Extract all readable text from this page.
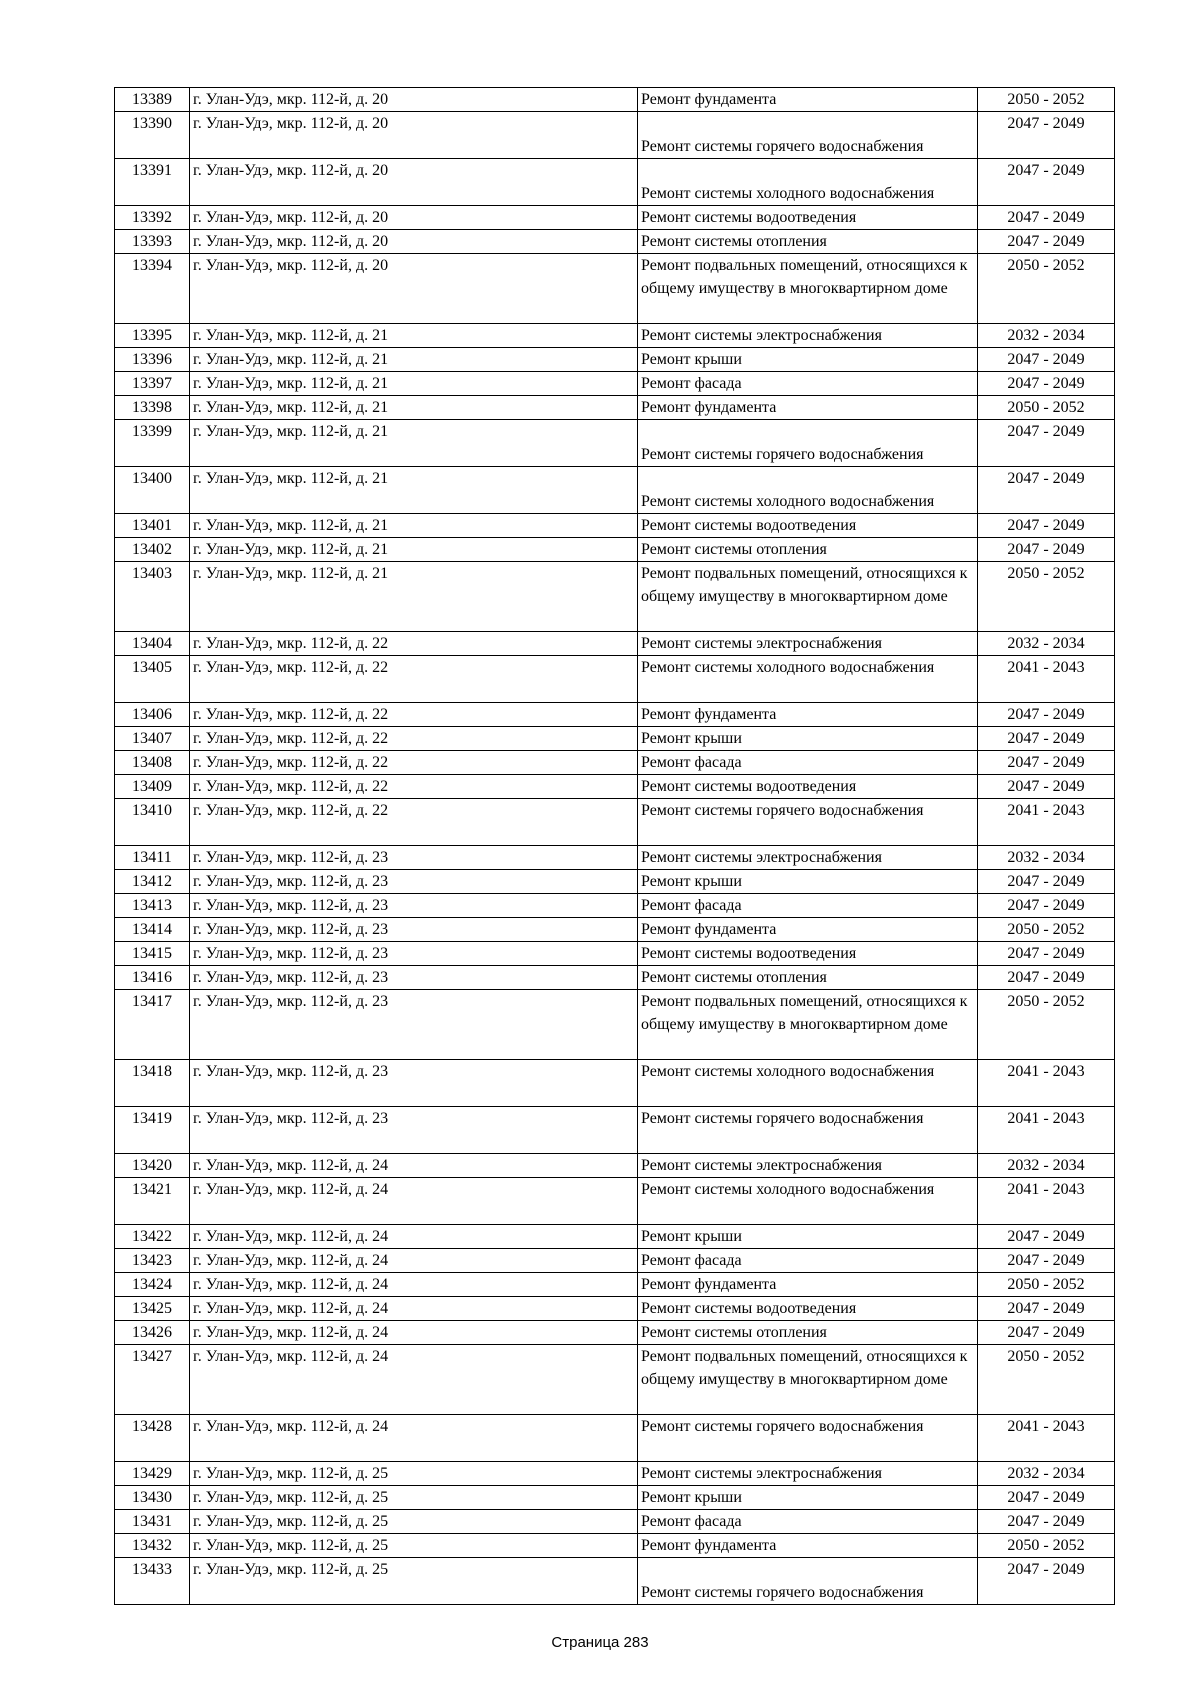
13389	г. Улан-Удэ, мкр. 112-й, д. 20	Ремонт фундамента	2050 - 2052
13390	г. Улан-Удэ, мкр. 112-й, д. 20	Ремонт системы горячего водоснабжения	2047 - 2049
13391	г. Улан-Удэ, мкр. 112-й, д. 20	Ремонт системы холодного водоснабжения	2047 - 2049
13392	г. Улан-Удэ, мкр. 112-й, д. 20	Ремонт системы водоотведения	2047 - 2049
13393	г. Улан-Удэ, мкр. 112-й, д. 20	Ремонт системы отопления	2047 - 2049
13394	г. Улан-Удэ, мкр. 112-й, д. 20	Ремонт подвальных помещений, относящихся к общему имуществу в многоквартирном доме	2050 - 2052
13395	г. Улан-Удэ, мкр. 112-й, д. 21	Ремонт системы электроснабжения	2032 - 2034
13396	г. Улан-Удэ, мкр. 112-й, д. 21	Ремонт крыши	2047 - 2049
13397	г. Улан-Удэ, мкр. 112-й, д. 21	Ремонт фасада	2047 - 2049
13398	г. Улан-Удэ, мкр. 112-й, д. 21	Ремонт фундамента	2050 - 2052
13399	г. Улан-Удэ, мкр. 112-й, д. 21	Ремонт системы горячего водоснабжения	2047 - 2049
13400	г. Улан-Удэ, мкр. 112-й, д. 21	Ремонт системы холодного водоснабжения	2047 - 2049
13401	г. Улан-Удэ, мкр. 112-й, д. 21	Ремонт системы водоотведения	2047 - 2049
13402	г. Улан-Удэ, мкр. 112-й, д. 21	Ремонт системы отопления	2047 - 2049
13403	г. Улан-Удэ, мкр. 112-й, д. 21	Ремонт подвальных помещений, относящихся к общему имуществу в многоквартирном доме	2050 - 2052
13404	г. Улан-Удэ, мкр. 112-й, д. 22	Ремонт системы электроснабжения	2032 - 2034
13405	г. Улан-Удэ, мкр. 112-й, д. 22	Ремонт системы холодного водоснабжения	2041 - 2043
13406	г. Улан-Удэ, мкр. 112-й, д. 22	Ремонт фундамента	2047 - 2049
13407	г. Улан-Удэ, мкр. 112-й, д. 22	Ремонт крыши	2047 - 2049
13408	г. Улан-Удэ, мкр. 112-й, д. 22	Ремонт фасада	2047 - 2049
13409	г. Улан-Удэ, мкр. 112-й, д. 22	Ремонт системы водоотведения	2047 - 2049
13410	г. Улан-Удэ, мкр. 112-й, д. 22	Ремонт системы горячего водоснабжения	2041 - 2043
13411	г. Улан-Удэ, мкр. 112-й, д. 23	Ремонт системы электроснабжения	2032 - 2034
13412	г. Улан-Удэ, мкр. 112-й, д. 23	Ремонт крыши	2047 - 2049
13413	г. Улан-Удэ, мкр. 112-й, д. 23	Ремонт фасада	2047 - 2049
13414	г. Улан-Удэ, мкр. 112-й, д. 23	Ремонт фундамента	2050 - 2052
13415	г. Улан-Удэ, мкр. 112-й, д. 23	Ремонт системы водоотведения	2047 - 2049
13416	г. Улан-Удэ, мкр. 112-й, д. 23	Ремонт системы отопления	2047 - 2049
13417	г. Улан-Удэ, мкр. 112-й, д. 23	Ремонт подвальных помещений, относящихся к общему имуществу в многоквартирном доме	2050 - 2052
13418	г. Улан-Удэ, мкр. 112-й, д. 23	Ремонт системы холодного водоснабжения	2041 - 2043
13419	г. Улан-Удэ, мкр. 112-й, д. 23	Ремонт системы горячего водоснабжения	2041 - 2043
13420	г. Улан-Удэ, мкр. 112-й, д. 24	Ремонт системы электроснабжения	2032 - 2034
13421	г. Улан-Удэ, мкр. 112-й, д. 24	Ремонт системы холодного водоснабжения	2041 - 2043
13422	г. Улан-Удэ, мкр. 112-й, д. 24	Ремонт крыши	2047 - 2049
13423	г. Улан-Удэ, мкр. 112-й, д. 24	Ремонт фасада	2047 - 2049
13424	г. Улан-Удэ, мкр. 112-й, д. 24	Ремонт фундамента	2050 - 2052
13425	г. Улан-Удэ, мкр. 112-й, д. 24	Ремонт системы водоотведения	2047 - 2049
13426	г. Улан-Удэ, мкр. 112-й, д. 24	Ремонт системы отопления	2047 - 2049
13427	г. Улан-Удэ, мкр. 112-й, д. 24	Ремонт подвальных помещений, относящихся к общему имуществу в многоквартирном доме	2050 - 2052
13428	г. Улан-Удэ, мкр. 112-й, д. 24	Ремонт системы горячего водоснабжения	2041 - 2043
13429	г. Улан-Удэ, мкр. 112-й, д. 25	Ремонт системы электроснабжения	2032 - 2034
13430	г. Улан-Удэ, мкр. 112-й, д. 25	Ремонт крыши	2047 - 2049
13431	г. Улан-Удэ, мкр. 112-й, д. 25	Ремонт фасада	2047 - 2049
13432	г. Улан-Удэ, мкр. 112-й, д. 25	Ремонт фундамента	2050 - 2052
13433	г. Улан-Удэ, мкр. 112-й, д. 25	Ремонт системы горячего водоснабжения	2047 - 2049
Страница 283
